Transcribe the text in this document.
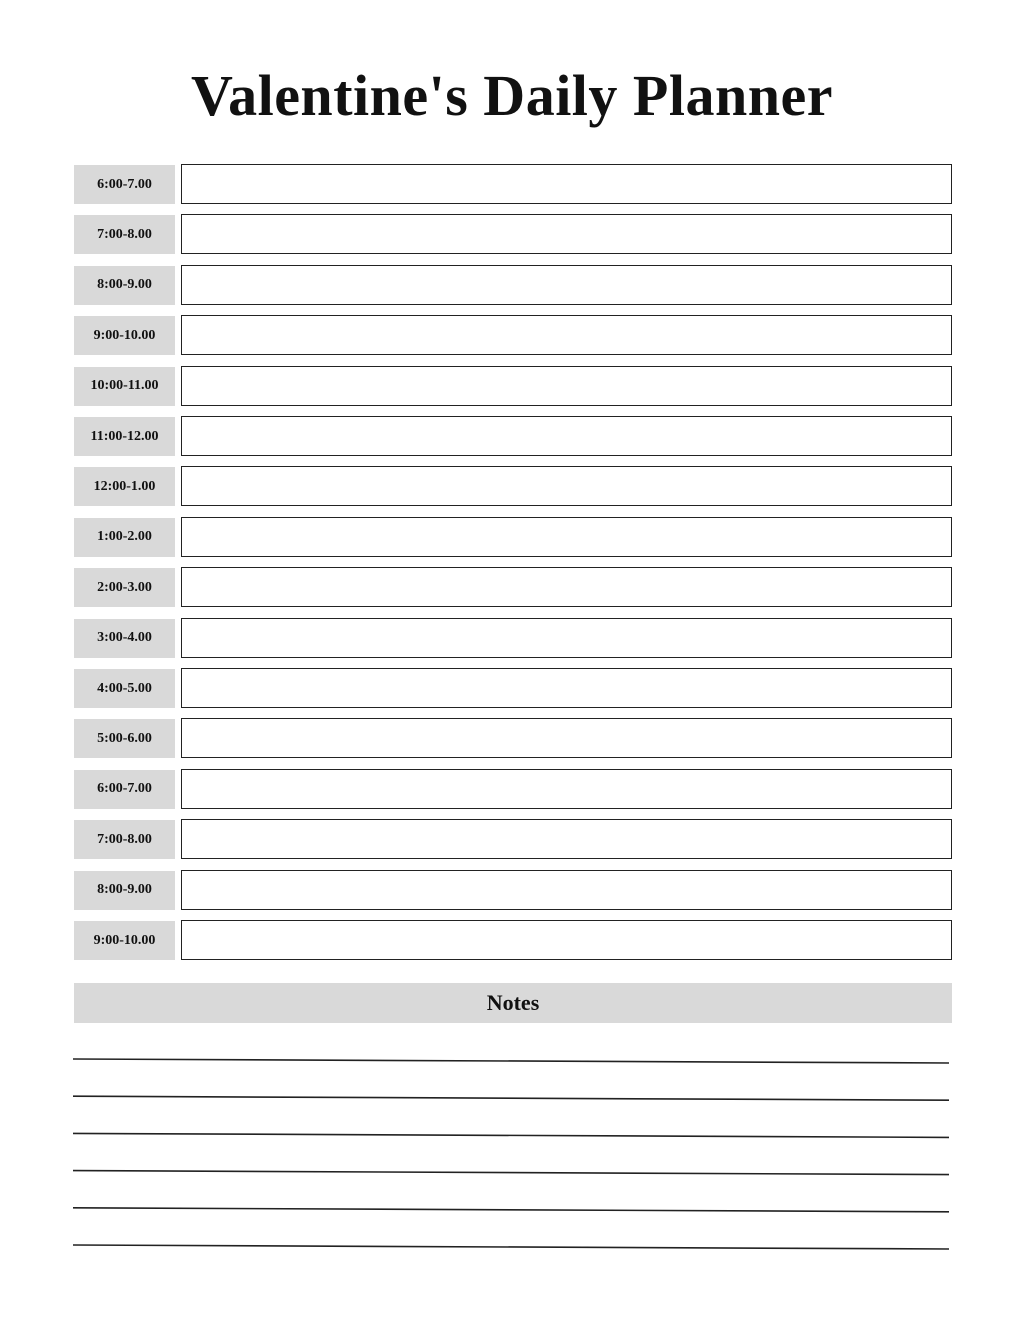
Valentine's Daily Planner
6:00-7.00
7:00-8.00
8:00-9.00
9:00-10.00
10:00-11.00
11:00-12.00
12:00-1.00
1:00-2.00
2:00-3.00
3:00-4.00
4:00-5.00
5:00-6.00
6:00-7.00
7:00-8.00
8:00-9.00
9:00-10.00
Notes
